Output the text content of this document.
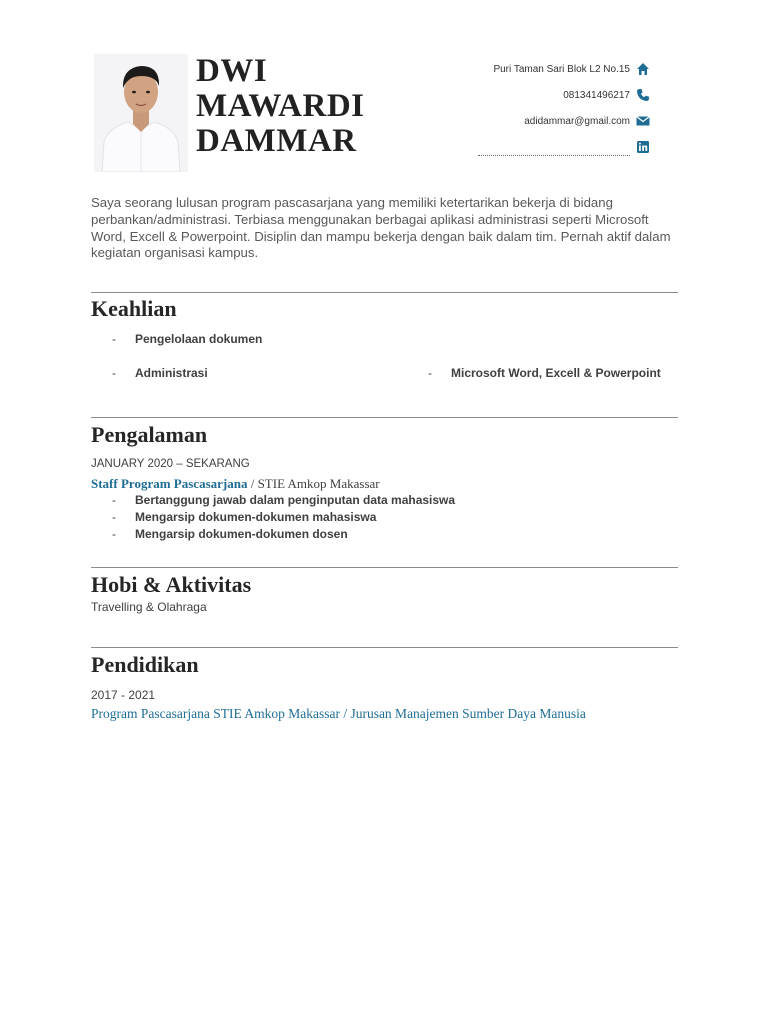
DWI
MAWARDI
DAMMAR
Puri Taman Sari Blok L2 No.15
081341496217
adidammar@gmail.com

Saya seorang lulusan program pascasarjana yang memiliki ketertarikan bekerja di bidang perbankan/administrasi. Terbiasa menggunakan berbagai aplikasi administrasi seperti Microsoft Word, Excell & Powerpoint. Disiplin dan mampu bekerja dengan baik dalam tim. Pernah aktif dalam kegiatan organisasi kampus.

Keahlian
- Pengelolaan dokumen
- Administrasi	- Microsoft Word, Excell & Powerpoint
Pengalaman
JANUARY 2020 – SEKARANG
Staff Program Pascasarjana / STIE Amkop Makassar
- Bertanggung jawab dalam penginputan data mahasiswa
- Mengarsip dokumen-dokumen mahasiswa
- Mengarsip dokumen-dokumen dosen
Hobi & Aktivitas
Travelling & Olahraga
Pendidikan
2017 - 2021
Program Pascasarjana STIE Amkop Makassar / Jurusan Manajemen Sumber Daya Manusia
